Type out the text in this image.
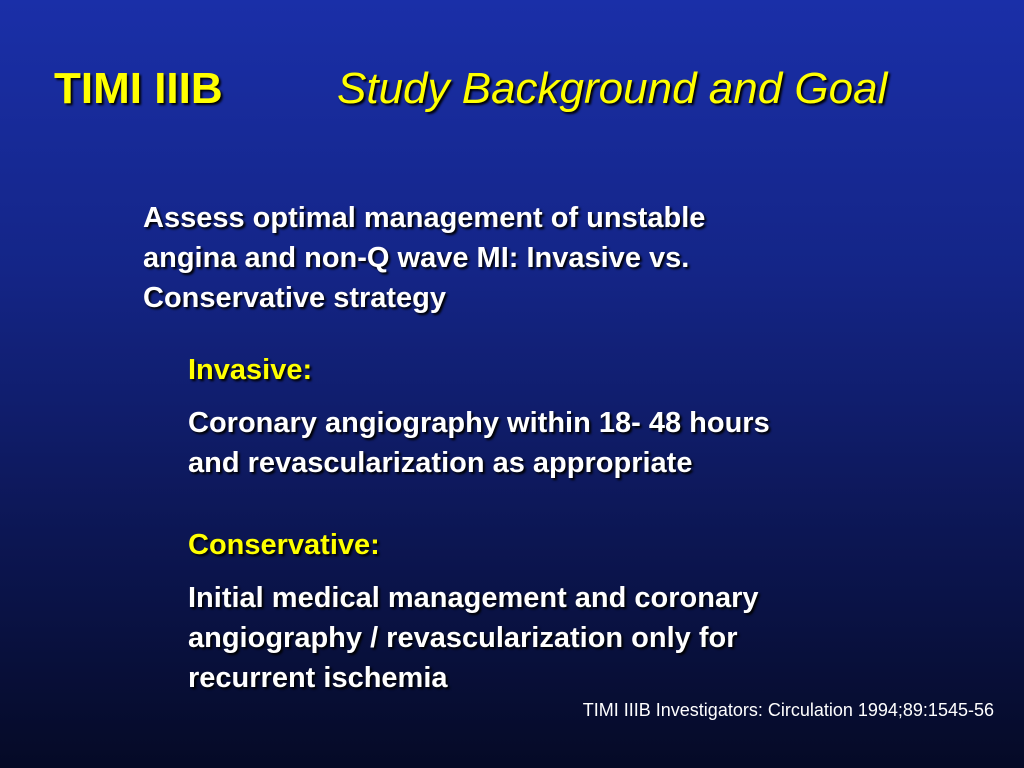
TIMI IIIB	Study Background and Goal
Assess optimal management of unstable
angina and non-Q wave MI: Invasive vs.
Conservative strategy
Invasive:
Coronary angiography within 18- 48 hours
and revascularization as appropriate
Conservative:
Initial medical management and coronary
angiography / revascularization only for
recurrent ischemia
TIMI IIIB Investigators: Circulation 1994;89:1545-56
